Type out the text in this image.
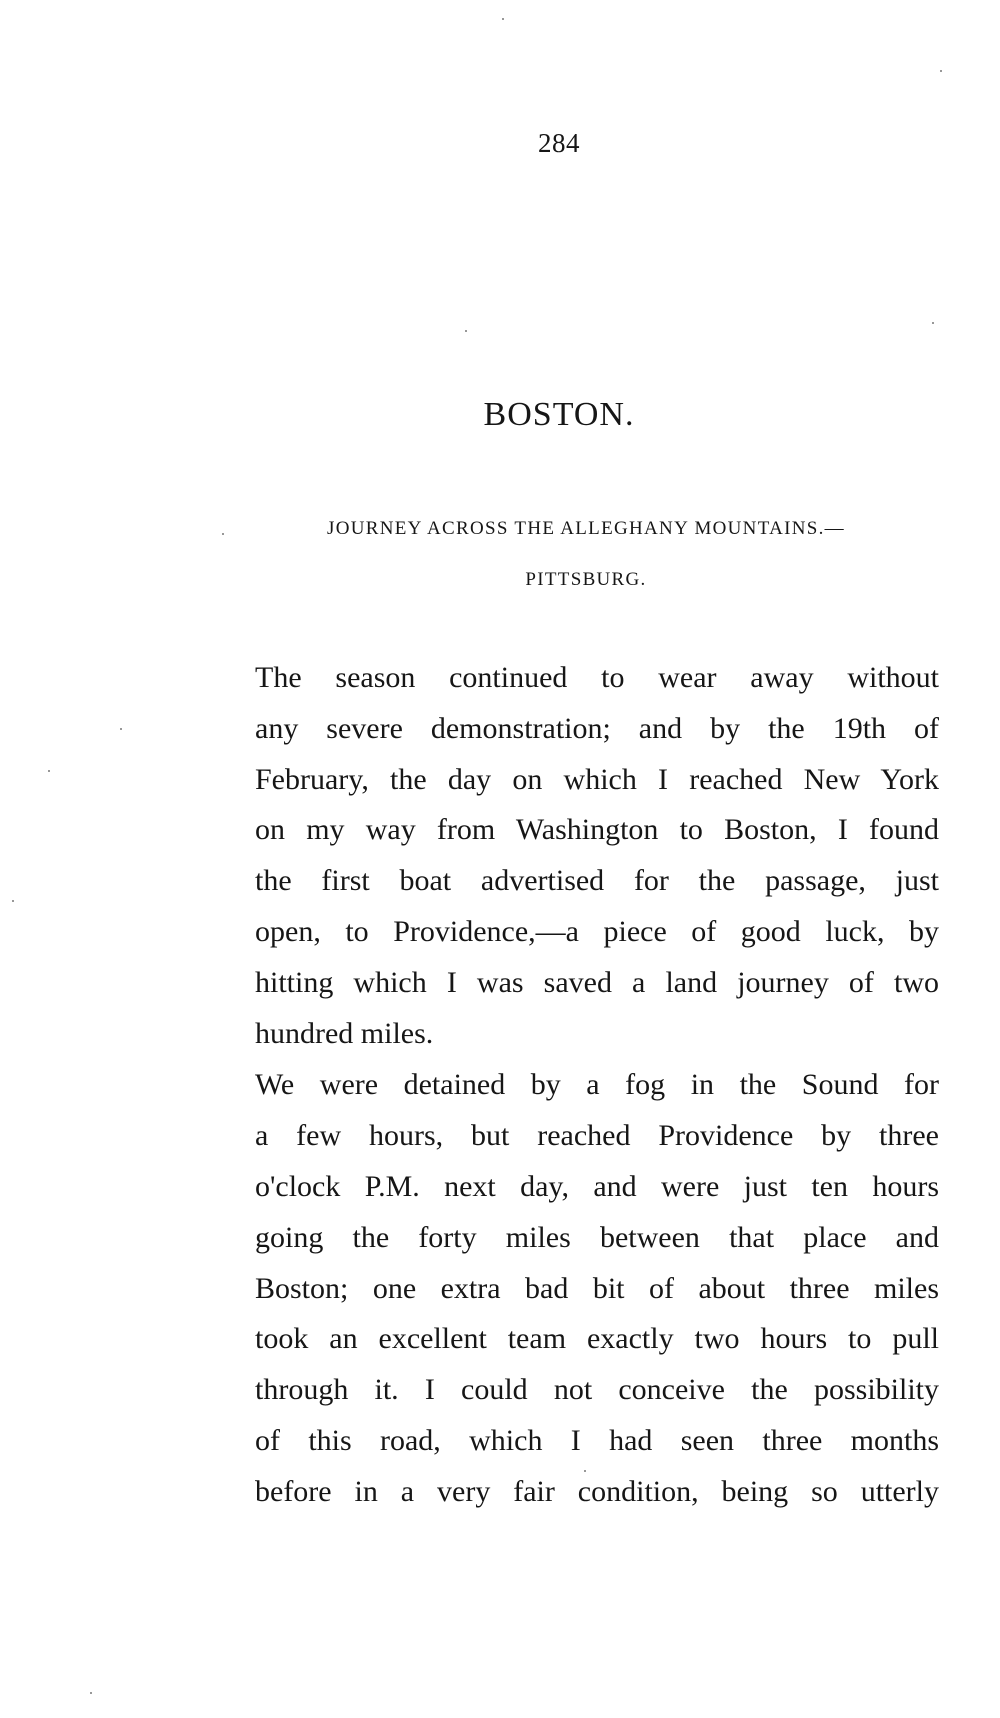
284
BOSTON.
JOURNEY ACROSS THE ALLEGHANY MOUNTAINS.—
PITTSBURG.
The season continued to wear away without
any severe demonstration; and by the 19th of
February, the day on which I reached New York
on my way from Washington to Boston, I found
the first boat advertised for the passage, just
open, to Providence,—a piece of good luck, by
hitting which I was saved a land journey of two
hundred miles.
We were detained by a fog in the Sound for
a few hours, but reached Providence by three
o'clock P.M. next day, and were just ten hours
going the forty miles between that place and
Boston; one extra bad bit of about three miles
took an excellent team exactly two hours to pull
through it. I could not conceive the possibility
of this road, which I had seen three months
before in a very fair condition, being so utterly
